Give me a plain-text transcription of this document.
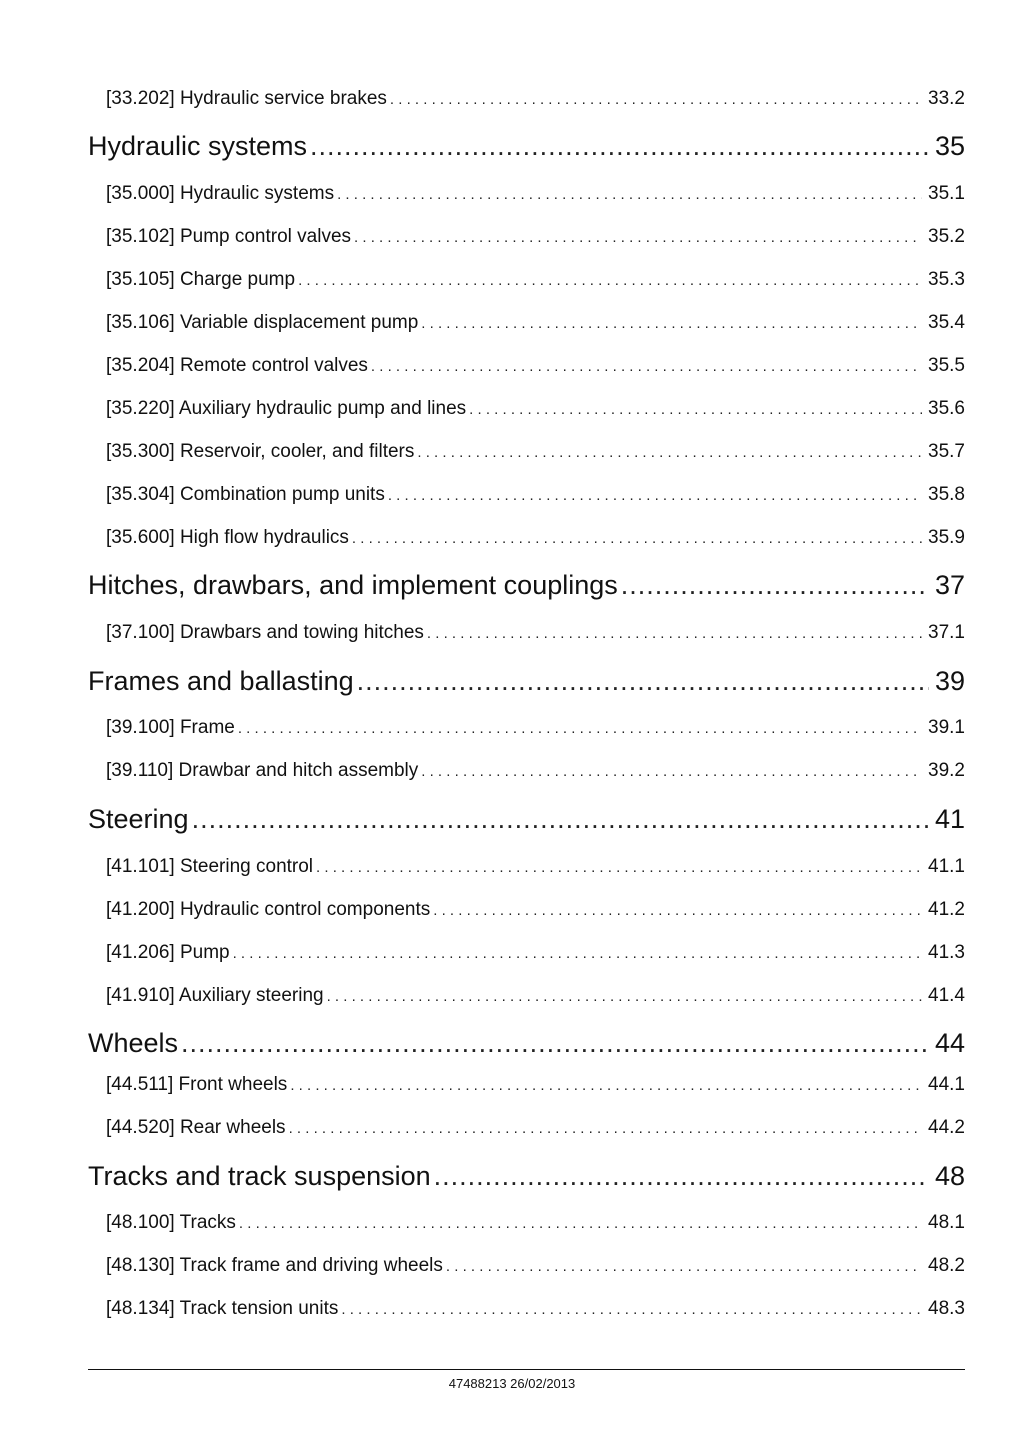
[33.202] Hydraulic service brakes . . .	33.2
Hydraulic systems .....	35
[35.000] Hydraulic systems . . .	35.1
[35.102] Pump control valves . . .	35.2
[35.105] Charge pump . . .	35.3
[35.106] Variable displacement pump . . .	35.4
[35.204] Remote control valves . . .	35.5
[35.220] Auxiliary hydraulic pump and lines . . .	35.6
[35.300] Reservoir, cooler, and filters . . .	35.7
[35.304] Combination pump units . . .	35.8
[35.600] High flow hydraulics . . .	35.9
Hitches, drawbars, and implement couplings .....	37
[37.100] Drawbars and towing hitches . . .	37.1
Frames and ballasting .....	39
[39.100] Frame . . .	39.1
[39.110] Drawbar and hitch assembly . . .	39.2
Steering .....	41
[41.101] Steering control . . .	41.1
[41.200] Hydraulic control components . . .	41.2
[41.206] Pump . . .	41.3
[41.910] Auxiliary steering . . .	41.4
Wheels .....	44
[44.511] Front wheels . . .	44.1
[44.520] Rear wheels . . .	44.2
Tracks and track suspension .....	48
[48.100] Tracks . . .	48.1
[48.130] Track frame and driving wheels . . .	48.2
[48.134] Track tension units . . .	48.3
47488213 26/02/2013
